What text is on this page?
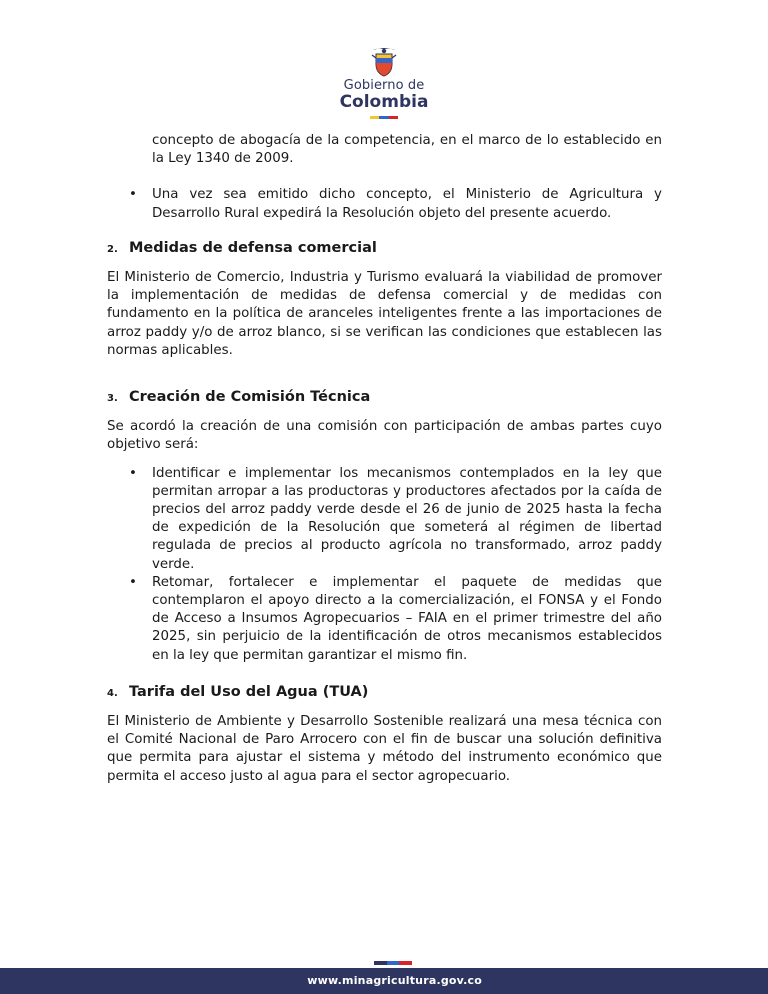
Gobierno de
Colombia

concepto de abogacía de la competencia, en el marco de lo establecido en la Ley 1340 de 2009.

• Una vez sea emitido dicho concepto, el Ministerio de Agricultura y Desarrollo Rural expedirá la Resolución objeto del presente acuerdo.
2. Medidas de defensa comercial

El Ministerio de Comercio, Industria y Turismo evaluará la viabilidad de promover la implementación de medidas de defensa comercial y de medidas con fundamento en la política de aranceles inteligentes frente a las importaciones de arroz paddy y/o de arroz blanco, si se verifican las condiciones que establecen las normas aplicables.

3. Creación de Comisión Técnica

Se acordó la creación de una comisión con participación de ambas partes cuyo objetivo será:

• Identificar e implementar los mecanismos contemplados en la ley que permitan arropar a las productoras y productores afectados por la caída de precios del arroz paddy verde desde el 26 de junio de 2025 hasta la fecha de expedición de la Resolución que someterá al régimen de libertad regulada de precios al producto agrícola no transformado, arroz paddy verde.
• Retomar, fortalecer e implementar el paquete de medidas que contemplaron el apoyo directo a la comercialización, el FONSA y el Fondo de Acceso a Insumos Agropecuarios – FAIA en el primer trimestre del año 2025, sin perjuicio de la identificación de otros mecanismos establecidos en la ley que permitan garantizar el mismo fin.
4. Tarifa del Uso del Agua (TUA)

El Ministerio de Ambiente y Desarrollo Sostenible realizará una mesa técnica con el Comité Nacional de Paro Arrocero con el fin de buscar una solución definitiva que permita para ajustar el sistema y método del instrumento económico que permita el acceso justo al agua para el sector agropecuario.

www.minagricultura.gov.co
